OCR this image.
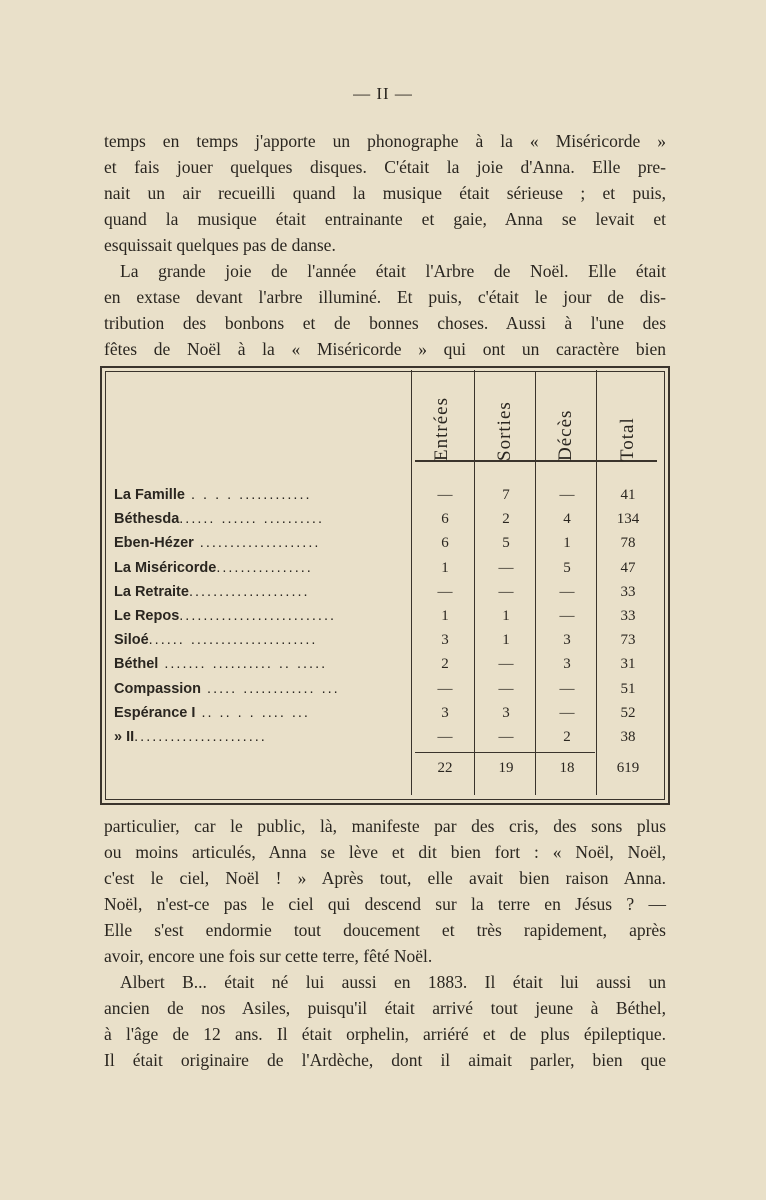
— II —
temps en temps j'apporte un phonographe à la « Miséricorde »
et fais jouer quelques disques. C'était la joie d'Anna. Elle pre-
nait un air recueilli quand la musique était sérieuse ; et puis,
quand la musique était entrainante et gaie, Anna se levait et
esquissait quelques pas de danse.
La grande joie de l'année était l'Arbre de Noël. Elle était
en extase devant l'arbre illuminé. Et puis, c'était le jour de dis-
tribution des bonbons et de bonnes choses. Aussi à l'une des
fêtes de Noël à la « Miséricorde » qui ont un caractère bien
Entrées Sorties Décès Total
La Famille . . . . ............	—	7	—	41
Béthesda...... ...... ..........	6	2	4	134
Eben-Hézer ....................	6	5	1	78
La Miséricorde................	1	—	5	47
La Retraite....................	—	—	—	33
Le Repos..........................	1	1	—	33
Siloé...... .....................	3	1	3	73
Béthel ....... .......... .. .....	2	—	3	31
Compassion ..... ............ ...	—	—	—	51
Espérance I .. .. . . .... ...	3	3	—	52
» II......................	—	—	2	38
22	19	18	619
particulier, car le public, là, manifeste par des cris, des sons plus
ou moins articulés, Anna se lève et dit bien fort : « Noël, Noël,
c'est le ciel, Noël ! » Après tout, elle avait bien raison Anna.
Noël, n'est-ce pas le ciel qui descend sur la terre en Jésus ? —
Elle s'est endormie tout doucement et très rapidement, après
avoir, encore une fois sur cette terre, fêté Noël.
Albert B... était né lui aussi en 1883. Il était lui aussi un
ancien de nos Asiles, puisqu'il était arrivé tout jeune à Béthel,
à l'âge de 12 ans. Il était orphelin, arriéré et de plus épileptique.
Il était originaire de l'Ardèche, dont il aimait parler, bien que
